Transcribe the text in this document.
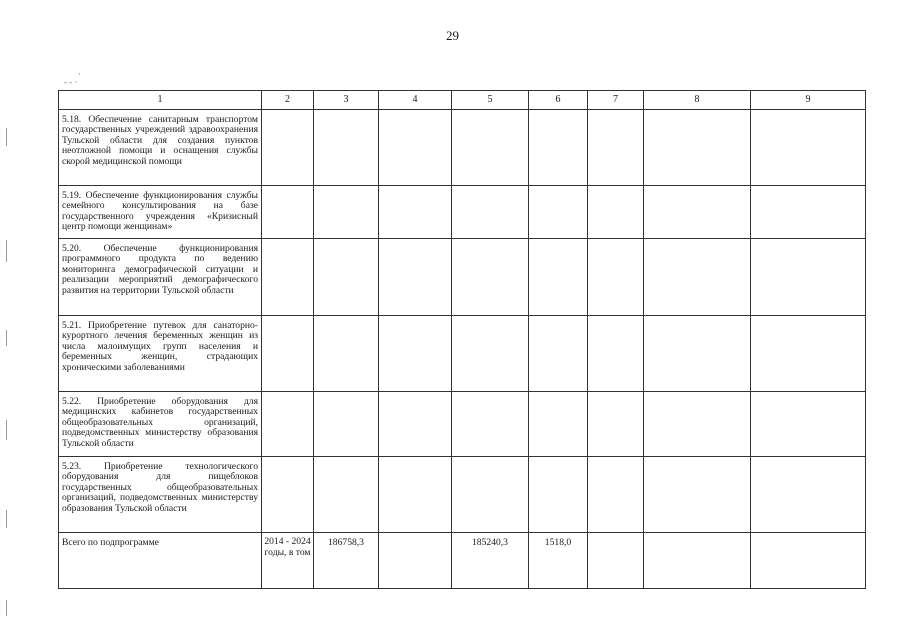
29
·
‐ ‐ ·
1	2	3	4	5	6	7	8	9
5.18. Обеспечение санитарным транспортом государственных учреждений здравоохранения Тульской области для создания пунктов неотложной помощи и оснащения службы скорой медицинской помощи								
5.19. Обеспечение функционирования службы семейного консультирования на базе государственного учреждения «Кризисный центр помощи женщинам»								
5.20. Обеспечение функционирования программного продукта по ведению мониторинга демографической ситуации и реализации мероприятий демографического развития на территории Тульской области								
5.21. Приобретение путевок для санаторно-курортного лечения беременных женщин из числа малоимущих групп населения и беременных женщин, страдающих хроническими заболеваниями								
5.22. Приобретение оборудования для медицинских кабинетов государственных общеобразовательных организаций, подведомственных министерству образования Тульской области								
5.23. Приобретение технологического оборудования для пищеблоков государственных общеобразовательных организаций, подведомственных министерству образования Тульской области								
Всего по подпрограмме	2014 - 2024 годы, в том	186758,3		185240,3	1518,0			
